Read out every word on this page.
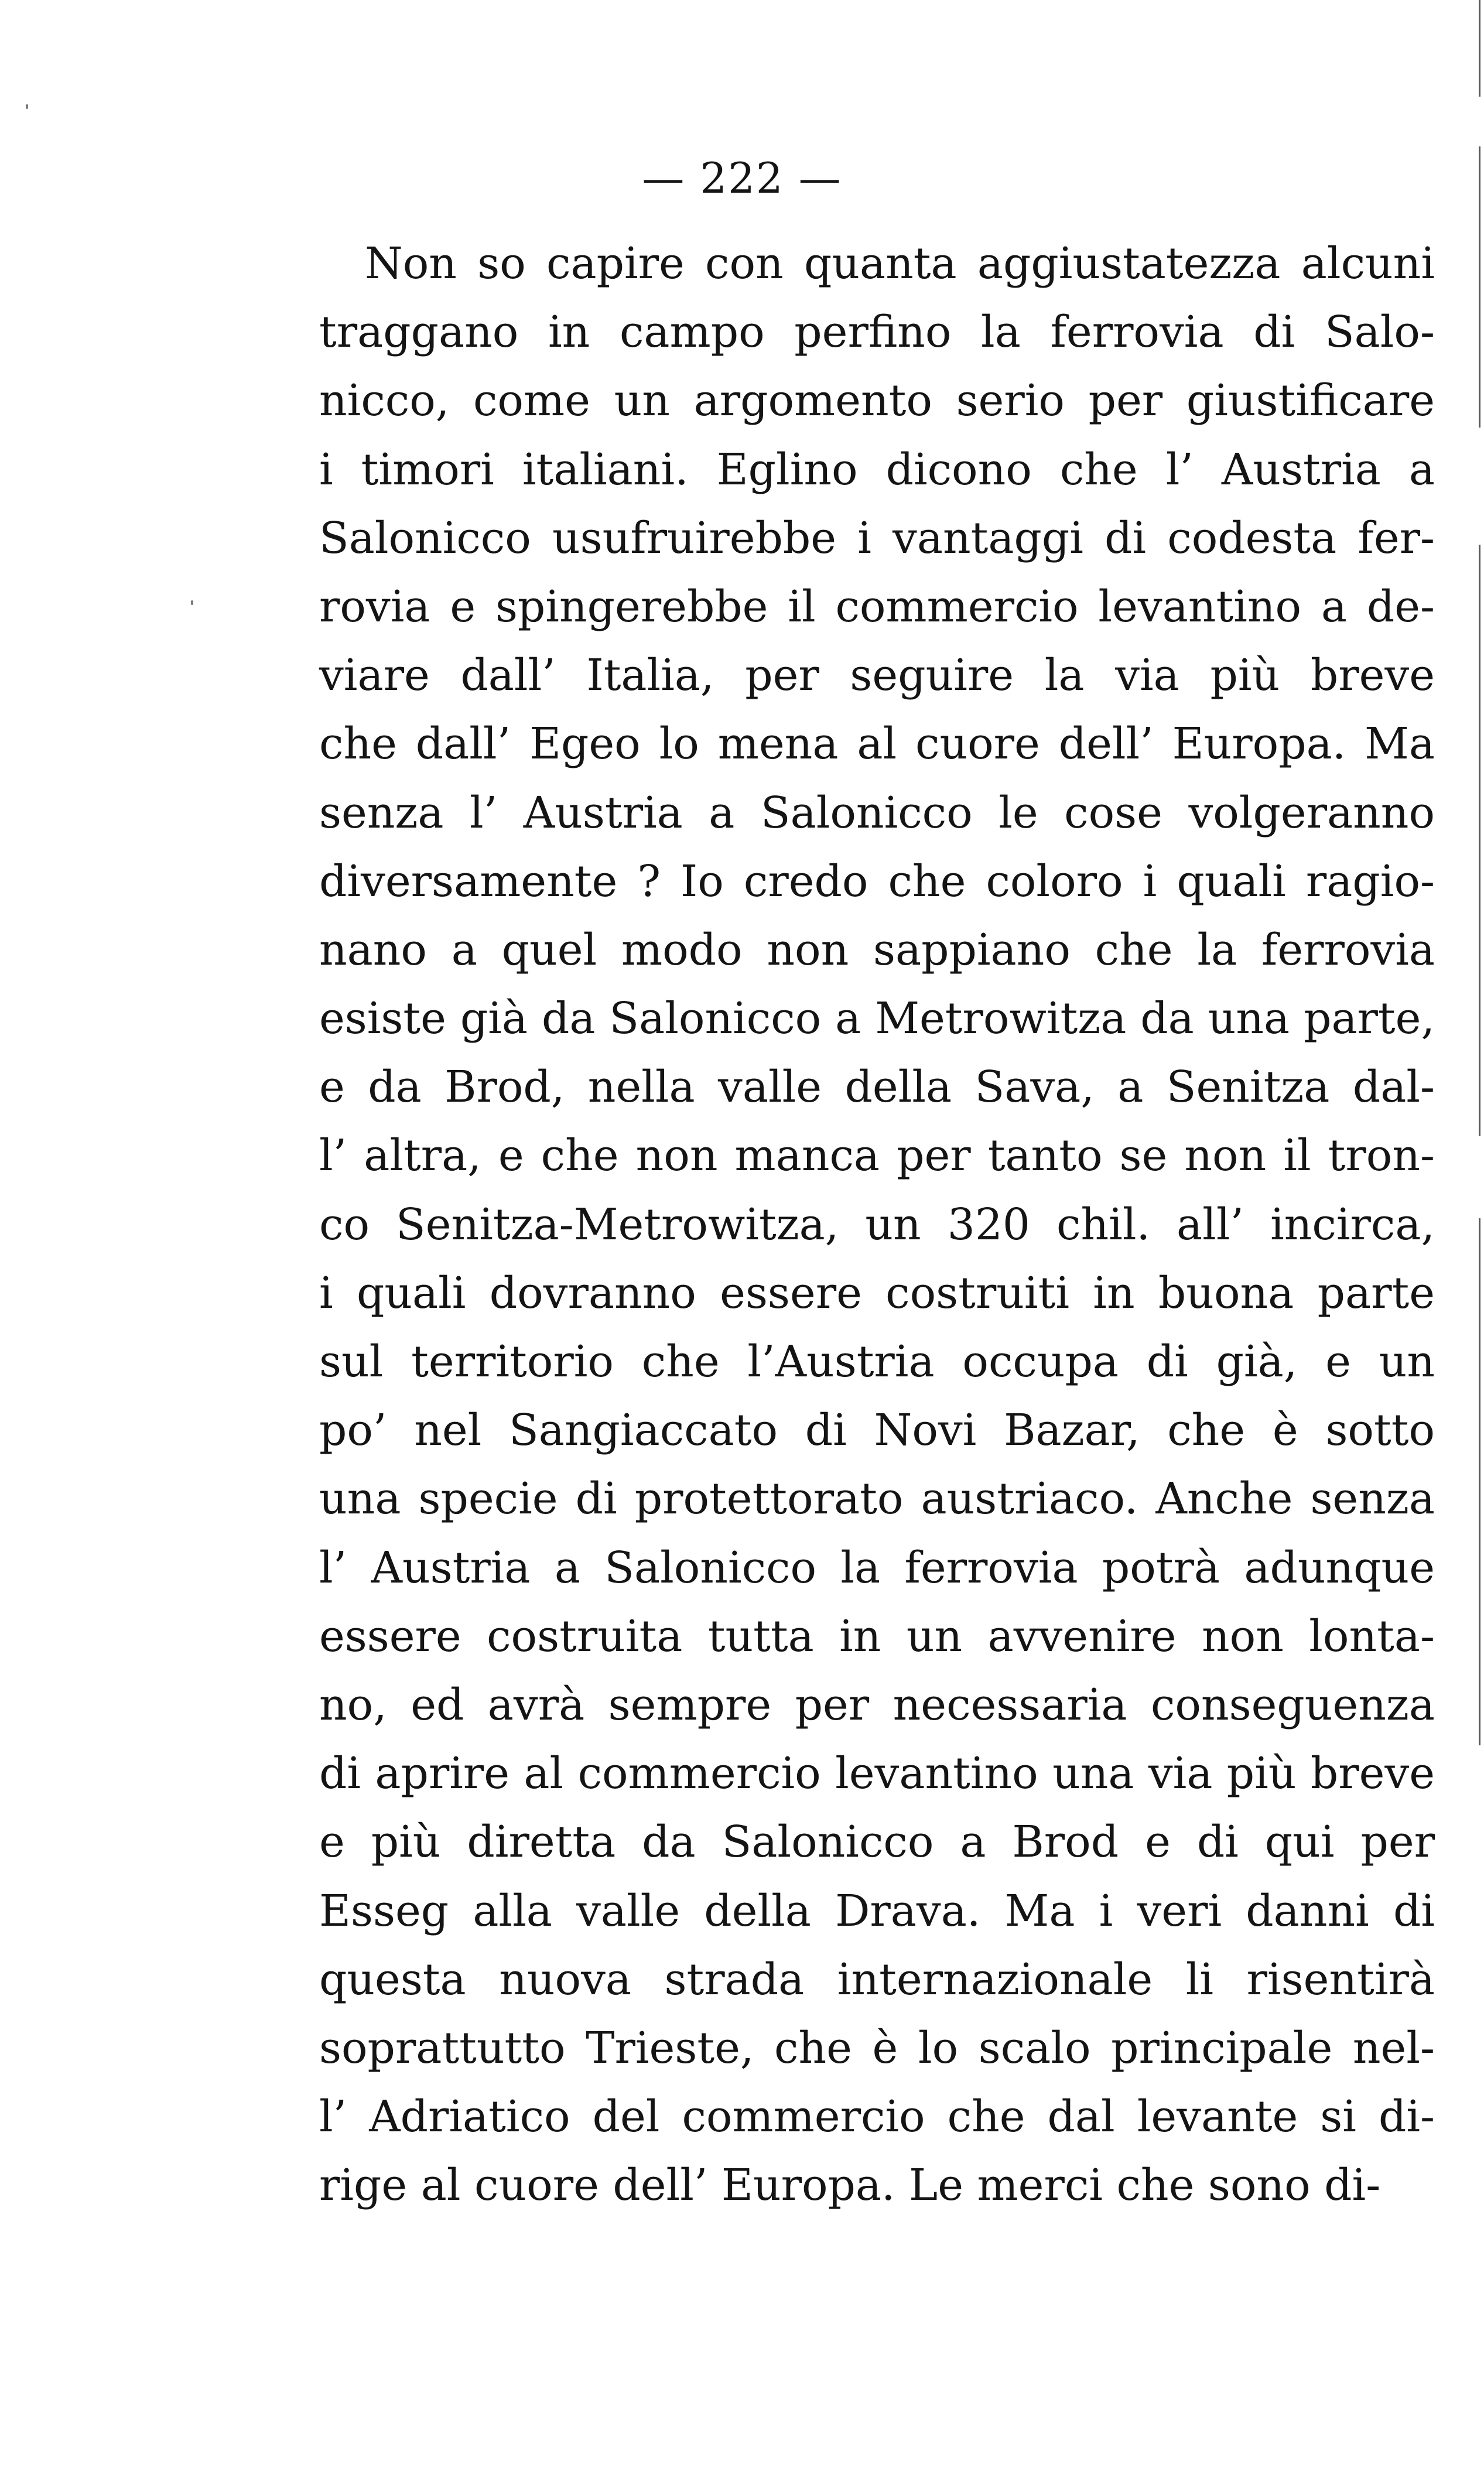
— 222 —
Non so capire con quanta aggiustatezza alcuni
traggano in campo perfino la ferrovia di Salo-
nicco, come un argomento serio per giustificare
i timori italiani. Eglino dicono che l’ Austria a
Salonicco usufruirebbe i vantaggi di codesta fer-
rovia e spingerebbe il commercio levantino a de-
viare dall’ Italia, per seguire la via più breve
che dall’ Egeo lo mena al cuore dell’ Europa. Ma
senza l’ Austria a Salonicco le cose volgeranno
diversamente ? Io credo che coloro i quali ragio-
nano a quel modo non sappiano che la ferrovia
esiste già da Salonicco a Metrowitza da una parte,
e da Brod, nella valle della Sava, a Senitza dal-
l’ altra, e che non manca per tanto se non il tron-
co Senitza-Metrowitza, un 320 chil. all’ incirca,
i quali dovranno essere costruiti in buona parte
sul territorio che l’Austria occupa di già, e un
po’ nel Sangiaccato di Novi Bazar, che è sotto
una specie di protettorato austriaco. Anche senza
l’ Austria a Salonicco la ferrovia potrà adunque
essere costruita tutta in un avvenire non lonta-
no, ed avrà sempre per necessaria conseguenza
di aprire al commercio levantino una via più breve
e più diretta da Salonicco a Brod e di qui per
Esseg alla valle della Drava. Ma i veri danni di
questa nuova strada internazionale li risentirà
soprattutto Trieste, che è lo scalo principale nel-
l’ Adriatico del commercio che dal levante si di-
rige al cuore dell’ Europa. Le merci che sono di-
